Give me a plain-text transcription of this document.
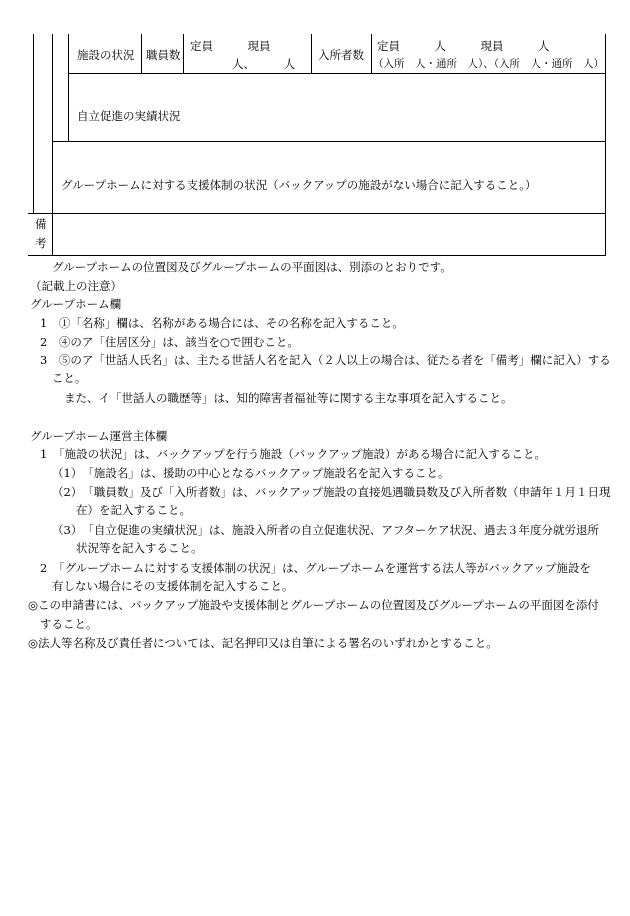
施設の状況 職員数
定員　　　現員
人、　　　人
入所者数
定員　　　人　　　現員　　　人
（入所　人・通所　人）、（入所　人・通所　人）
自立促進の実績状況
グループホームに対する支援体制の状況（バックアップの施設がない場合に記入すること。）
備
考
グループホームの位置図及びグループホームの平面図は、別添のとおりです。
（記載上の注意）
グループホーム欄
1　①「名称」欄は、名称がある場合には、その名称を記入すること。
2　④のア「住居区分」は、該当を○で囲むこと。
3　⑤のア「世話人氏名」は、主たる世話人名を記入（２人以上の場合は、従たる者を「備考」欄に記入）する
こと。
また、イ「世話人の職歴等」は、知的障害者福祉等に関する主な事項を記入すること。
グループホーム運営主体欄
1　「施設の状況」は、バックアップを行う施設（バックアップ施設）がある場合に記入すること。
（1）　「施設名」は、援助の中心となるバックアップ施設名を記入すること。
（2）　「職員数」及び「入所者数」は、バックアップ施設の直接処遇職員数及び入所者数（申請年１月１日現
在）を記入すること。
（3）　「自立促進の実績状況」は、施設入所者の自立促進状況、アフターケア状況、過去３年度分就労退所
状況等を記入すること。
2　「グループホームに対する支援体制の状況」は、グループホームを運営する法人等がバックアップ施設を
有しない場合にその支援体制を記入すること。
◎この申請書には、バックアップ施設や支援体制とグループホームの位置図及びグループホームの平面図を添付
すること。
◎法人等名称及び責任者については、記名押印又は自筆による署名のいずれかとすること。
